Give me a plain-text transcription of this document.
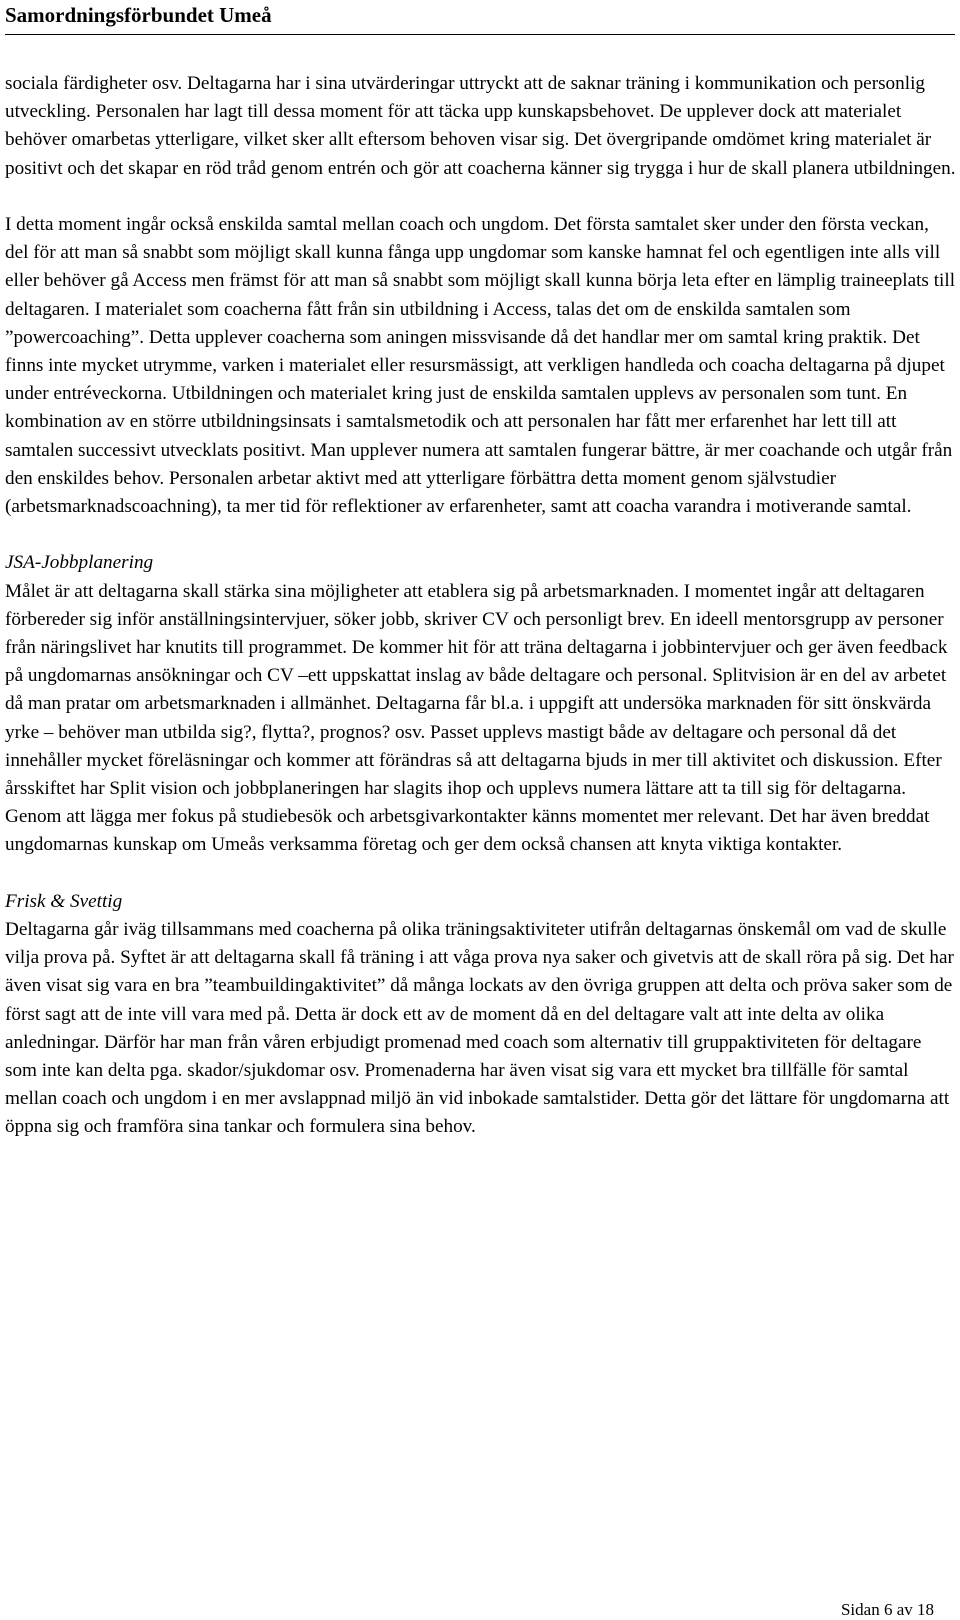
Samordningsförbundet Umeå

sociala färdigheter osv. Deltagarna har i sina utvärderingar uttryckt att de saknar träning i kommunikation och personlig utveckling. Personalen har lagt till dessa moment för att täcka upp kunskapsbehovet. De upplever dock att materialet behöver omarbetas ytterligare, vilket sker allt eftersom behoven visar sig. Det övergripande omdömet kring materialet är positivt och det skapar en röd tråd genom entrén och gör att coacherna känner sig trygga i hur de skall planera utbildningen.

I detta moment ingår också enskilda samtal mellan coach och ungdom. Det första samtalet sker under den första veckan, del för att man så snabbt som möjligt skall kunna fånga upp ungdomar som kanske hamnat fel och egentligen inte alls vill eller behöver gå Access men främst för att man så snabbt som möjligt skall kunna börja leta efter en lämplig traineeplats till deltagaren. I materialet som coacherna fått från sin utbildning i Access, talas det om de enskilda samtalen som ”powercoaching”. Detta upplever coacherna som aningen missvisande då det handlar mer om samtal kring praktik. Det finns inte mycket utrymme, varken i materialet eller resursmässigt, att verkligen handleda och coacha deltagarna på djupet under entréveckorna. Utbildningen och materialet kring just de enskilda samtalen upplevs av personalen som tunt. En kombination av en större utbildningsinsats i samtalsmetodik och att personalen har fått mer erfarenhet har lett till att samtalen successivt utvecklats positivt. Man upplever numera att samtalen fungerar bättre, är mer coachande och utgår från den enskildes behov. Personalen arbetar aktivt med att ytterligare förbättra detta moment genom självstudier (arbetsmarknadscoachning), ta mer tid för reflektioner av erfarenheter, samt att coacha varandra i motiverande samtal.

JSA-Jobbplanering

Målet är att deltagarna skall stärka sina möjligheter att etablera sig på arbetsmarknaden. I momentet ingår att deltagaren förbereder sig inför anställningsintervjuer, söker jobb, skriver CV och personligt brev. En ideell mentorsgrupp av personer från näringslivet har knutits till programmet. De kommer hit för att träna deltagarna i jobbintervjuer och ger även feedback på ungdomarnas ansökningar och CV –ett uppskattat inslag av både deltagare och personal. Splitvision är en del av arbetet då man pratar om arbetsmarknaden i allmänhet. Deltagarna får bl.a. i uppgift att undersöka marknaden för sitt önskvärda yrke – behöver man utbilda sig?, flytta?, prognos? osv. Passet upplevs mastigt både av deltagare och personal då det innehåller mycket föreläsningar och kommer att förändras så att deltagarna bjuds in mer till aktivitet och diskussion. Efter årsskiftet har Split vision och jobbplaneringen har slagits ihop och upplevs numera lättare att ta till sig för deltagarna. Genom att lägga mer fokus på studiebesök och arbetsgivarkontakter känns momentet mer relevant. Det har även breddat ungdomarnas kunskap om Umeås verksamma företag och ger dem också chansen att knyta viktiga kontakter.

Frisk & Svettig

Deltagarna går iväg tillsammans med coacherna på olika träningsaktiviteter utifrån deltagarnas önskemål om vad de skulle vilja prova på. Syftet är att deltagarna skall få träning i att våga prova nya saker och givetvis att de skall röra på sig. Det har även visat sig vara en bra ”teambuildingaktivitet” då många lockats av den övriga gruppen att delta och pröva saker som de först sagt att de inte vill vara med på. Detta är dock ett av de moment då en del deltagare valt att inte delta av olika anledningar. Därför har man från våren erbjudigt promenad med coach som alternativ till gruppaktiviteten för deltagare som inte kan delta pga. skador/sjukdomar osv. Promenaderna har även visat sig vara ett mycket bra tillfälle för samtal mellan coach och ungdom i en mer avslappnad miljö än vid inbokade samtalstider. Detta gör det lättare för ungdomarna att öppna sig och framföra sina tankar och formulera sina behov.

Sidan 6 av 18
